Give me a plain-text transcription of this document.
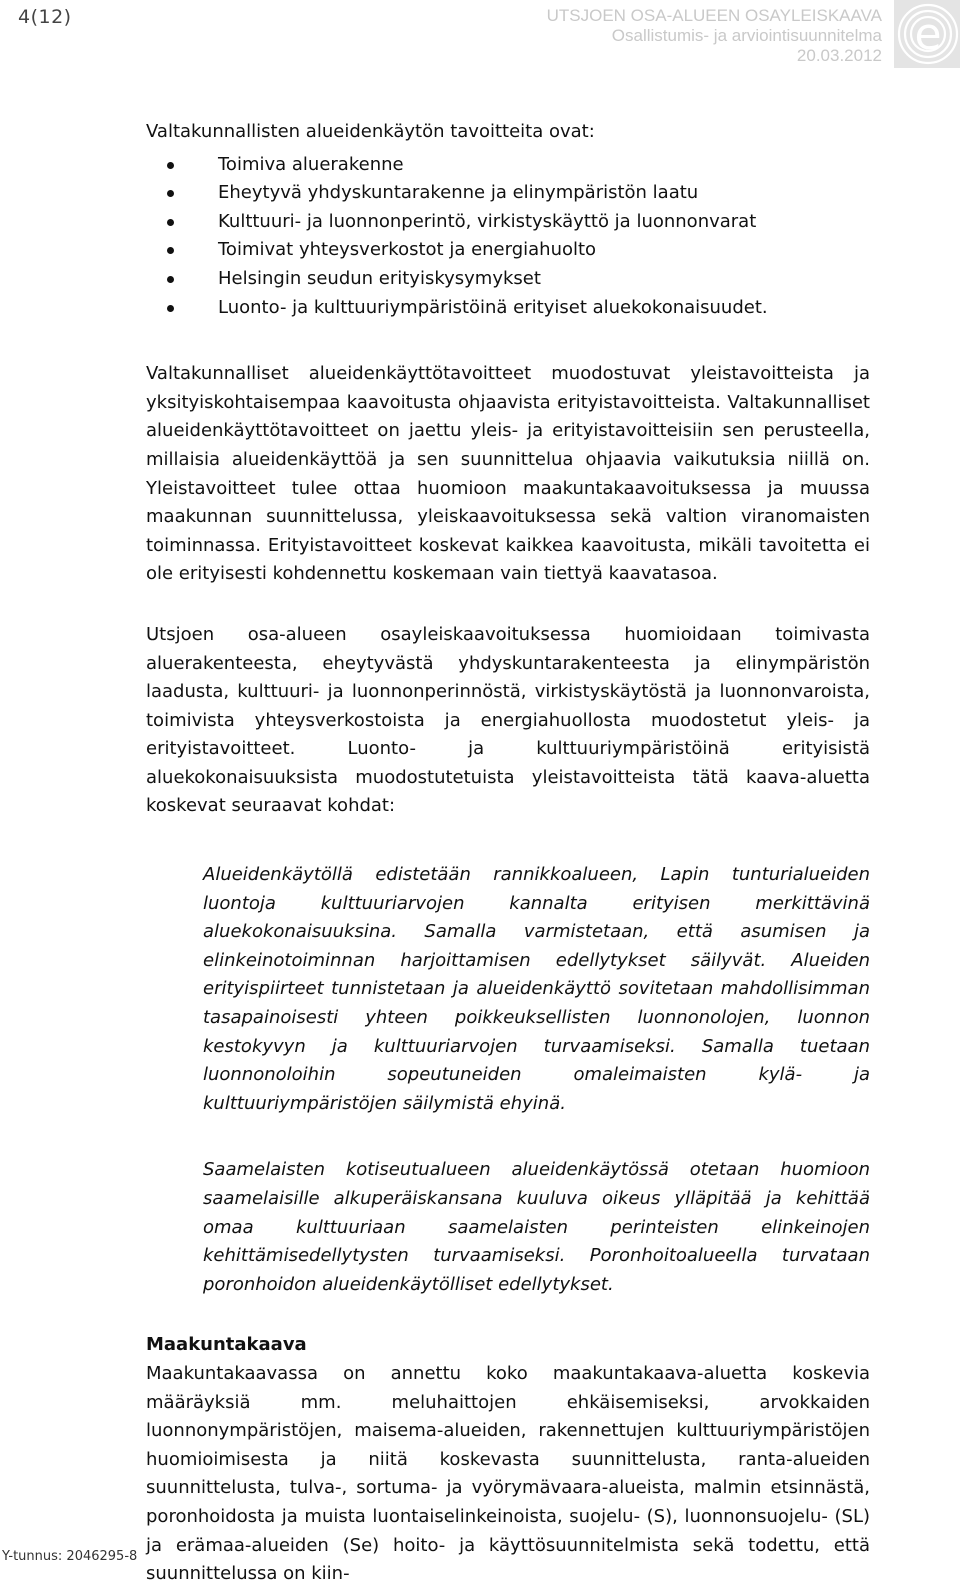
4(12)	UTSJOEN OSA-ALUEEN OSAYLEISKAAVA
Osallistumis- ja arviointisuunnitelma
20.03.2012 e

Valtakunnallisten alueidenkäytön tavoitteita ovat:

Toimiva aluerakenne
Eheytyvä yhdyskuntarakenne ja elinympäristön laatu
Kulttuuri- ja luonnonperintö, virkistyskäyttö ja luonnonvarat
Toimivat yhteysverkostot ja energiahuolto
Helsingin seudun erityiskysymykset
Luonto- ja kulttuuriympäristöinä erityiset aluekokonaisuudet.

Valtakunnalliset alueidenkäyttötavoitteet muodostuvat yleistavoitteista ja yksityiskohtaisempaa kaavoitusta ohjaavista erityistavoitteista. Valtakunnalliset alueidenkäyttötavoitteet on jaettu yleis- ja erityistavoitteisiin sen perusteella, millaisia alueidenkäyttöä ja sen suunnittelua ohjaavia vaikutuksia niillä on. Yleistavoitteet tulee ottaa huomioon maakuntakaavoituksessa ja muussa maakunnan suunnittelussa, yleiskaavoituksessa sekä valtion viranomaisten toiminnassa. Erityistavoitteet koskevat kaikkea kaavoitusta, mikäli tavoitetta ei ole erityisesti kohdennettu koskemaan vain tiettyä kaavatasoa.

Utsjoen osa-alueen osayleiskaavoituksessa huomioidaan toimivasta aluerakenteesta, eheytyvästä yhdyskuntarakenteesta ja elinympäristön laadusta, kulttuuri- ja luonnonperinnöstä, virkistyskäytöstä ja luonnonvaroista, toimivista yhteysverkostoista ja energiahuollosta muodostetut yleis- ja erityistavoitteet. Luonto- ja kulttuuriympäristöinä erityisistä aluekokonaisuuksista muodostutetuista yleistavoitteista tätä kaava-aluetta koskevat seuraavat kohdat:

Alueidenkäytöllä edistetään rannikkoalueen, Lapin tunturialueiden luontoja kulttuuriarvojen kannalta erityisen merkittävinä aluekokonaisuuksina. Samalla varmistetaan, että asumisen ja elinkeinotoiminnan harjoittamisen edellytykset säilyvät. Alueiden erityispiirteet tunnistetaan ja alueidenkäyttö sovitetaan mahdollisimman tasapainoisesti yhteen poikkeuksellisten luonnonolojen, luonnon kestokyvyn ja kulttuuriarvojen turvaamiseksi. Samalla tuetaan luonnonoloihin sopeutuneiden omaleimaisten kylä- ja kulttuuriympäristöjen säilymistä ehyinä.

Saamelaisten kotiseutualueen alueidenkäytössä otetaan huomioon saamelaisille alkuperäiskansana kuuluva oikeus ylläpitää ja kehittää omaa kulttuuriaan saamelaisten perinteisten elinkeinojen kehittämisedellytysten turvaamiseksi. Poronhoitoalueella turvataan poronhoidon alueidenkäytölliset edellytykset.

Maakuntakaava

Maakuntakaavassa on annettu koko maakuntakaava-aluetta koskevia määräyksiä mm. meluhaittojen ehkäisemiseksi, arvokkaiden luonnonympäristöjen, maisema-alueiden, rakennettujen kulttuuriympäristöjen huomioimisesta ja niitä koskevasta suunnittelusta, ranta-alueiden suunnittelusta, tulva-, sortuma- ja vyörymävaara-alueista, malmin etsinnästä, poronhoidosta ja muista luontaiselinkeinoista, suojelu- (S), luonnonsuojelu- (SL) ja erämaa-alueiden (Se) hoito- ja käyttösuunnitelmista sekä todettu, että suunnittelussa on kiin-

Y-tunnus: 2046295-8
